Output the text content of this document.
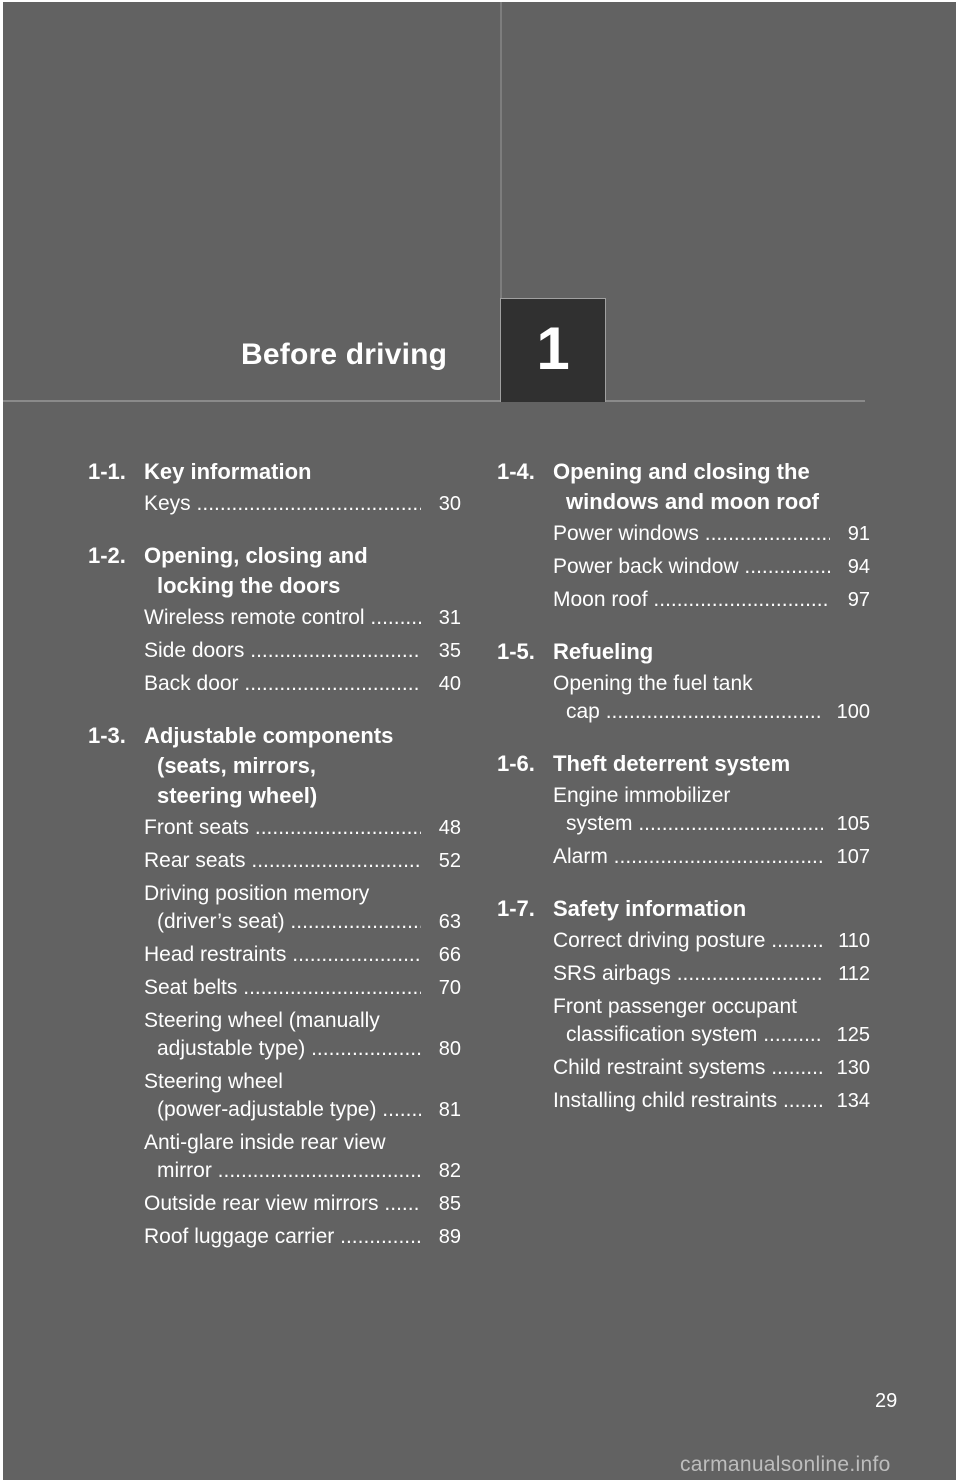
Before driving	1
1-1. Key information
Keys .....	30
1-2. Opening, closing and
locking the doors
Wireless remote control .....	31
Side doors .....	35
Back door .....	40
1-3. Adjustable components
(seats, mirrors,
steering wheel)
Front seats .....	48
Rear seats .....	52
Driving position memory
(driver’s seat) .....	63
Head restraints .....	66
Seat belts .....	70
Steering wheel (manually
adjustable type) .....	80
Steering wheel
(power-adjustable type) .....	81
Anti-glare inside rear view
mirror .....	82
Outside rear view mirrors .....	85
Roof luggage carrier .....	89
1-4. Opening and closing the
windows and moon roof
Power windows .....	91
Power back window .....	94
Moon roof .....	97
1-5. Refueling
Opening the fuel tank
cap .....	100
1-6. Theft deterrent system
Engine immobilizer
system .....	105
Alarm .....	107
1-7. Safety information
Correct driving posture .....	110
SRS airbags .....	112
Front passenger occupant
classification system .....	125
Child restraint systems .....	130
Installing child restraints .....	134
29
carmanualsonline.info
